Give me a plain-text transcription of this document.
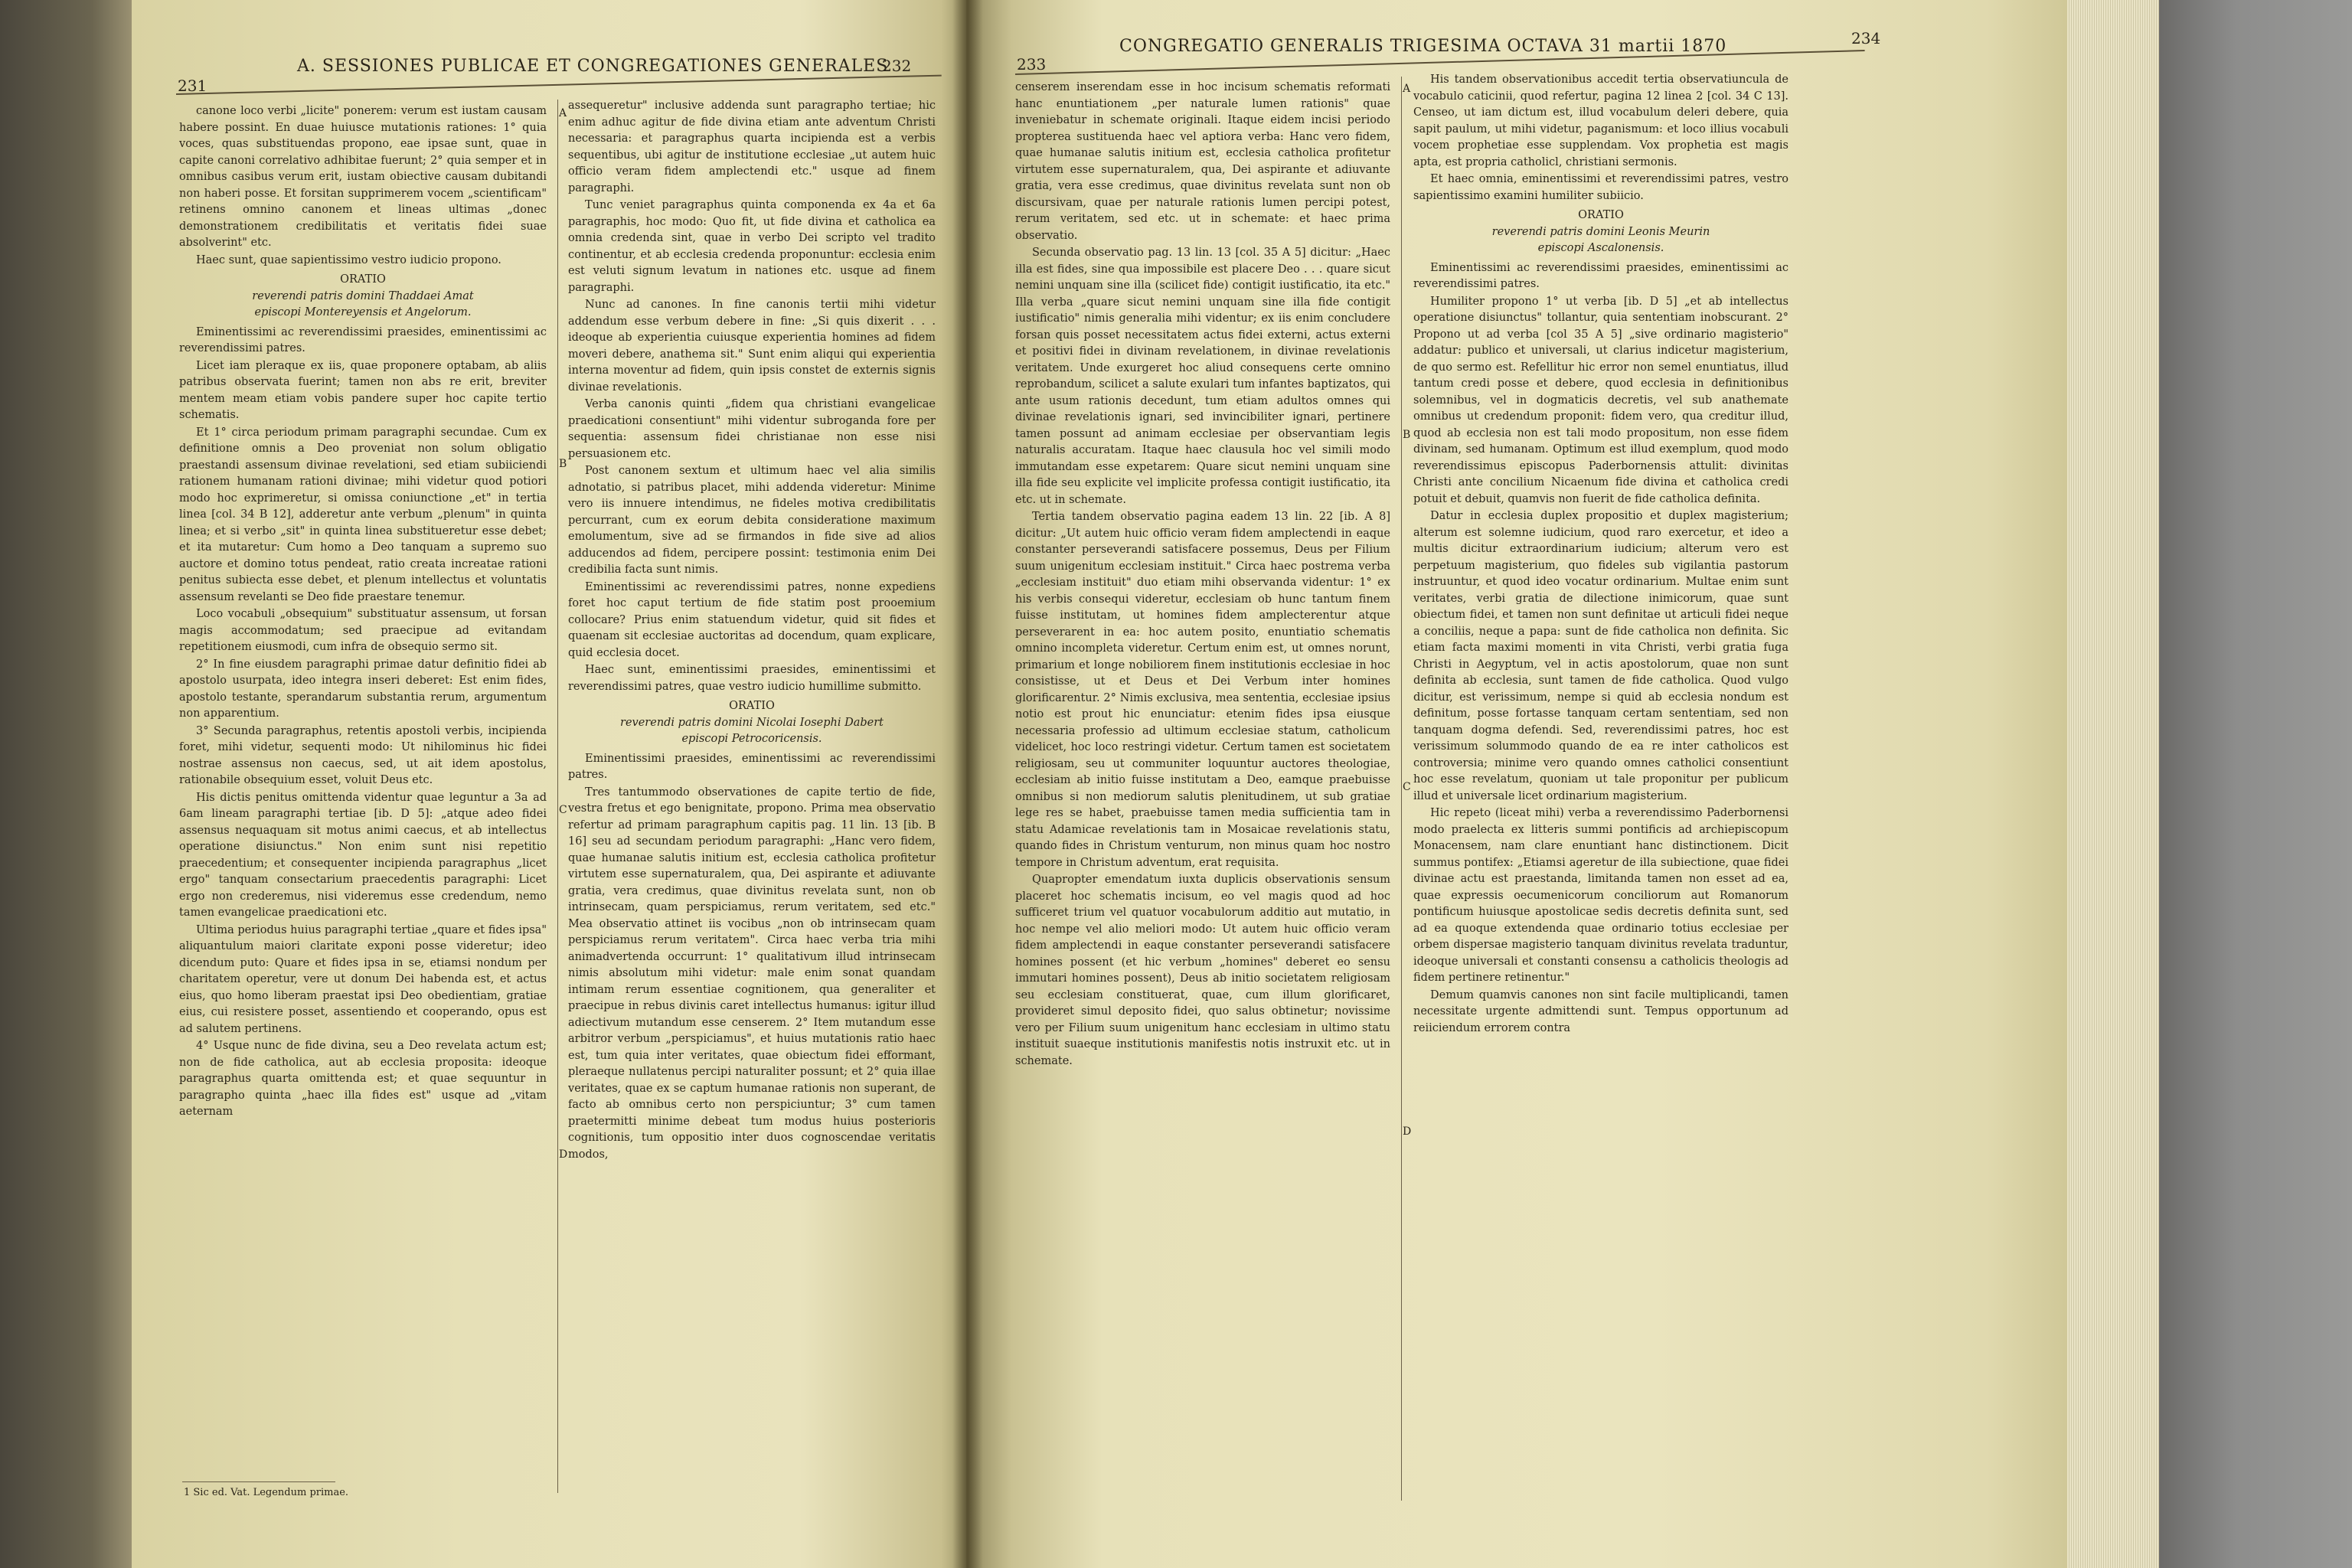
231
A. SESSIONES PUBLICAE ET CONGREGATIONES GENERALES
232

canone loco verbi „licite" ponerem: verum est iustam causam habere possint. En duae huiusce mutationis rationes: 1° quia voces, quas substituendas propono, eae ipsae sunt, quae in capite canoni correlativo adhibitae fuerunt; 2° quia semper et in omnibus casibus verum erit, iustam obiective causam dubitandi non haberi posse. Et forsitan supprimerem vocem „scientificam" retinens omnino canonem et lineas ultimas „donec demonstrationem credibilitatis et veritatis fidei suae absolverint" etc.

Haec sunt, quae sapientissimo vestro iudicio propono.

ORATIO
reverendi patris domini Thaddaei Amat
episcopi Montereyensis et Angelorum.

Eminentissimi ac reverendissimi praesides, eminentissimi ac reverendissimi patres.

Licet iam pleraque ex iis, quae proponere optabam, ab aliis patribus observata fuerint; tamen non abs re erit, breviter mentem meam etiam vobis pandere super hoc capite tertio schematis.

Et 1° circa periodum primam paragraphi secundae. Cum ex definitione omnis a Deo proveniat non solum obligatio praestandi assensum divinae revelationi, sed etiam subiiciendi rationem humanam rationi divinae; mihi videtur quod potiori modo hoc exprimeretur, si omissa coniunctione „et" in tertia linea [col. 34 B 12], adderetur ante verbum „plenum" in quinta linea; et si verbo „sit" in quinta linea substitueretur esse debet; et ita mutaretur: Cum homo a Deo tanquam a supremo suo auctore et domino totus pendeat, ratio creata increatae rationi penitus subiecta esse debet, et plenum intellectus et voluntatis assensum revelanti se Deo fide praestare tenemur.

Loco vocabuli „obsequium" substituatur assensum, ut forsan magis accommodatum; sed praecipue ad evitandam repetitionem eiusmodi, cum infra de obsequio sermo sit.

2° In fine eiusdem paragraphi primae datur definitio fidei ab apostolo usurpata, ideo integra inseri deberet: Est enim fides, apostolo testante, sperandarum substantia rerum, argumentum non apparentium.

3° Secunda paragraphus, retentis apostoli verbis, incipienda foret, mihi videtur, sequenti modo: Ut nihilominus hic fidei nostrae assensus non caecus, sed, ut ait idem apostolus, rationabile obsequium esset, voluit Deus etc.

His dictis penitus omittenda videntur quae leguntur a 3a ad 6am lineam paragraphi tertiae [ib. D 5]: „atque adeo fidei assensus nequaquam sit motus animi caecus, et ab intellectus operatione disiunctus." Non enim sunt nisi repetitio praecedentium; et consequenter incipienda paragraphus „licet ergo" tanquam consectarium praecedentis paragraphi: Licet ergo non crederemus, nisi videremus esse credendum, nemo tamen evangelicae praedicationi etc.

Ultima periodus huius paragraphi tertiae „quare et fides ipsa" aliquantulum maiori claritate exponi posse videretur; ideo dicendum puto: Quare et fides ipsa in se, etiamsi nondum per charitatem operetur, vere ut donum Dei habenda est, et actus eius, quo homo liberam praestat ipsi Deo obedientiam, gratiae eius, cui resistere posset, assentiendo et cooperando, opus est ad salutem pertinens.

4° Usque nunc de fide divina, seu a Deo revelata actum est; non de fide catholica, aut ab ecclesia proposita: ideoque paragraphus quarta omittenda est; et quae sequuntur in paragrapho quinta „haec illa fides est" usque ad „vitam aeternam

assequeretur" inclusive addenda sunt paragrapho tertiae; hic enim adhuc agitur de fide divina etiam ante adventum Christi necessaria: et paragraphus quarta incipienda est a verbis sequentibus, ubi agitur de institutione ecclesiae „ut autem huic officio veram fidem amplectendi etc." usque ad finem paragraphi.

Tunc veniet paragraphus quinta componenda ex 4a et 6a paragraphis, hoc modo: Quo fit, ut fide divina et catholica ea omnia credenda sint, quae in verbo Dei scripto vel tradito continentur, et ab ecclesia credenda proponuntur: ecclesia enim est veluti signum levatum in nationes etc. usque ad finem paragraphi.

Nunc ad canones. In fine canonis tertii mihi videtur addendum esse verbum debere in fine: „Si quis dixerit . . . ideoque ab experientia cuiusque experientia homines ad fidem moveri debere, anathema sit." Sunt enim aliqui qui experientia interna moventur ad fidem, quin ipsis constet de externis signis divinae revelationis.

Verba canonis quinti „fidem qua christiani evangelicae praedicationi consentiunt" mihi videntur subroganda fore per sequentia: assensum fidei christianae non esse nisi persuasionem etc.

Post canonem sextum et ultimum haec vel alia similis adnotatio, si patribus placet, mihi addenda videretur: Minime vero iis innuere intendimus, ne fideles motiva credibilitatis percurrant, cum ex eorum debita consideratione maximum emolumentum, sive ad se firmandos in fide sive ad alios adducendos ad fidem, percipere possint: testimonia enim Dei credibilia facta sunt nimis.

Eminentissimi ac reverendissimi patres, nonne expediens foret hoc caput tertium de fide statim post prooemium collocare? Prius enim statuendum videtur, quid sit fides et quaenam sit ecclesiae auctoritas ad docendum, quam explicare, quid ecclesia docet.

Haec sunt, eminentissimi praesides, eminentissimi et reverendissimi patres, quae vestro iudicio humillime submitto.

ORATIO
reverendi patris domini Nicolai Iosephi Dabert
episcopi Petrocoricensis.

Eminentissimi praesides, eminentissimi ac reverendissimi patres.

Tres tantummodo observationes de capite tertio de fide, vestra fretus et ego benignitate, propono. Prima mea observatio refertur ad primam paragraphum capitis pag. 11 lin. 13 [ib. B 16] seu ad secundam periodum paragraphi: „Hanc vero fidem, quae humanae salutis initium est, ecclesia catholica profitetur virtutem esse supernaturalem, qua, Dei aspirante et adiuvante gratia, vera credimus, quae divinitus revelata sunt, non ob intrinsecam, quam perspiciamus, rerum veritatem, sed etc." Mea observatio attinet iis vocibus „non ob intrinsecam quam perspiciamus rerum veritatem". Circa haec verba tria mihi animadvertenda occurrunt: 1° qualitativum illud intrinsecam nimis absolutum mihi videtur: male enim sonat quandam intimam rerum essentiae cognitionem, qua generaliter et praecipue in rebus divinis caret intellectus humanus: igitur illud adiectivum mutandum esse censerem. 2° Item mutandum esse arbitror verbum „perspiciamus", et huius mutationis ratio haec est, tum quia inter veritates, quae obiectum fidei efformant, pleraeque nullatenus percipi naturaliter possunt; et 2° quia illae veritates, quae ex se captum humanae rationis non superant, de facto ab omnibus certo non perspiciuntur; 3° cum tamen praetermitti minime debeat tum modus huius posterioris cognitionis, tum oppositio inter duos cognoscendae veritatis modos,

A
B
C
D
1 Sic ed. Vat. Legendum primae.
233
CONGREGATIO GENERALIS TRIGESIMA OCTAVA 31 martii 1870	234

censerem inserendam esse in hoc incisum schematis reformati hanc enuntiationem „per naturale lumen rationis" quae inveniebatur in schemate originali. Itaque eidem incisi periodo propterea sustituenda haec vel aptiora verba: Hanc vero fidem, quae humanae salutis initium est, ecclesia catholica profitetur virtutem esse supernaturalem, qua, Dei aspirante et adiuvante gratia, vera esse credimus, quae divinitus revelata sunt non ob discursivam, quae per naturale rationis lumen percipi potest, rerum veritatem, sed etc. ut in schemate: et haec prima observatio.

Secunda observatio pag. 13 lin. 13 [col. 35 A 5] dicitur: „Haec illa est fides, sine qua impossibile est placere Deo . . . quare sicut nemini unquam sine illa (scilicet fide) contigit iustificatio, ita etc." Illa verba „quare sicut nemini unquam sine illa fide contigit iustificatio" nimis generalia mihi videntur; ex iis enim concludere forsan quis posset necessitatem actus fidei externi, actus externi et positivi fidei in divinam revelationem, in divinae revelationis veritatem. Unde exurgeret hoc aliud consequens certe omnino reprobandum, scilicet a salute exulari tum infantes baptizatos, qui ante usum rationis decedunt, tum etiam adultos omnes qui divinae revelationis ignari, sed invincibiliter ignari, pertinere tamen possunt ad animam ecclesiae per observantiam legis naturalis accuratam. Itaque haec clausula hoc vel simili modo immutandam esse expetarem: Quare sicut nemini unquam sine illa fide seu explicite vel implicite professa contigit iustificatio, ita etc. ut in schemate.

Tertia tandem observatio pagina eadem 13 lin. 22 [ib. A 8] dicitur: „Ut autem huic officio veram fidem amplectendi in eaque constanter perseverandi satisfacere possemus, Deus per Filium suum unigenitum ecclesiam instituit." Circa haec postrema verba „ecclesiam instituit" duo etiam mihi observanda videntur: 1° ex his verbis consequi videretur, ecclesiam ob hunc tantum finem fuisse institutam, ut homines fidem amplecterentur atque perseverarent in ea: hoc autem posito, enuntiatio schematis omnino incompleta videretur. Certum enim est, ut omnes norunt, primarium et longe nobiliorem finem institutionis ecclesiae in hoc consistisse, ut et Deus et Dei Verbum inter homines glorificarentur. 2° Nimis exclusiva, mea sententia, ecclesiae ipsius notio est prout hic enunciatur: etenim fides ipsa eiusque necessaria professio ad ultimum ecclesiae statum, catholicum videlicet, hoc loco restringi videtur. Certum tamen est societatem religiosam, seu ut communiter loquuntur auctores theologiae, ecclesiam ab initio fuisse institutam a Deo, eamque praebuisse omnibus si non mediorum salutis plenitudinem, ut sub gratiae lege res se habet, praebuisse tamen media sufficientia tam in statu Adamicae revelationis tam in Mosaicae revelationis statu, quando fides in Christum venturum, non minus quam hoc nostro tempore in Christum adventum, erat requisita.

Quapropter emendatum iuxta duplicis observationis sensum placeret hoc schematis incisum, eo vel magis quod ad hoc sufficeret trium vel quatuor vocabulorum additio aut mutatio, in hoc nempe vel alio meliori modo: Ut autem huic officio veram fidem amplectendi in eaque constanter perseverandi satisfacere homines possent (et hic verbum „homines" deberet eo sensu immutari homines possent), Deus ab initio societatem religiosam seu ecclesiam constituerat, quae, cum illum glorificaret, provideret simul deposito fidei, quo salus obtinetur; novissime vero per Filium suum unigenitum hanc ecclesiam in ultimo statu instituit suaeque institutionis manifestis notis instruxit etc. ut in schemate.

His tandem observationibus accedit tertia observatiuncula de vocabulo caticinii, quod refertur, pagina 12 linea 2 [col. 34 C 13]. Censeo, ut iam dictum est, illud vocabulum deleri debere, quia sapit paulum, ut mihi videtur, paganismum: et loco illius vocabuli vocem prophetiae esse supplendam. Vox prophetia est magis apta, est propria catholicl, christiani sermonis.

Et haec omnia, eminentissimi et reverendissimi patres, vestro sapientissimo examini humiliter subiicio.

ORATIO
reverendi patris domini Leonis Meurin
episcopi Ascalonensis.

Eminentissimi ac reverendissimi praesides, eminentissimi ac reverendissimi patres.

Humiliter propono 1° ut verba [ib. D 5] „et ab intellectus operatione disiunctus" tollantur, quia sententiam inobscurant. 2° Propono ut ad verba [col 35 A 5] „sive ordinario magisterio" addatur: publico et universali, ut clarius indicetur magisterium, de quo sermo est. Refellitur hic error non semel enuntiatus, illud tantum credi posse et debere, quod ecclesia in definitionibus solemnibus, vel in dogmaticis decretis, vel sub anathemate omnibus ut credendum proponit: fidem vero, qua creditur illud, quod ab ecclesia non est tali modo propositum, non esse fidem divinam, sed humanam. Optimum est illud exemplum, quod modo reverendissimus episcopus Paderbornensis attulit: divinitas Christi ante concilium Nicaenum fide divina et catholica credi potuit et debuit, quamvis non fuerit de fide catholica definita.

Datur in ecclesia duplex propositio et duplex magisterium; alterum est solemne iudicium, quod raro exercetur, et ideo a multis dicitur extraordinarium iudicium; alterum vero est perpetuum magisterium, quo fideles sub vigilantia pastorum instruuntur, et quod ideo vocatur ordinarium. Multae enim sunt veritates, verbi gratia de dilectione inimicorum, quae sunt obiectum fidei, et tamen non sunt definitae ut articuli fidei neque a conciliis, neque a papa: sunt de fide catholica non definita. Sic etiam facta maximi momenti in vita Christi, verbi gratia fuga Christi in Aegyptum, vel in actis apostolorum, quae non sunt definita ab ecclesia, sunt tamen de fide catholica. Quod vulgo dicitur, est verissimum, nempe si quid ab ecclesia nondum est definitum, posse fortasse tanquam certam sententiam, sed non tanquam dogma defendi. Sed, reverendissimi patres, hoc est verissimum solummodo quando de ea re inter catholicos est controversia; minime vero quando omnes catholici consentiunt hoc esse revelatum, quoniam ut tale proponitur per publicum illud et universale licet ordinarium magisterium.

Hic repeto (liceat mihi) verba a reverendissimo Paderbornensi modo praelecta ex litteris summi pontificis ad archiepiscopum Monacensem, nam clare enuntiant hanc distinctionem. Dicit summus pontifex: „Etiamsi ageretur de illa subiectione, quae fidei divinae actu est praestanda, limitanda tamen non esset ad ea, quae expressis oecumenicorum conciliorum aut Romanorum pontificum huiusque apostolicae sedis decretis definita sunt, sed ad ea quoque extendenda quae ordinario totius ecclesiae per orbem dispersae magisterio tanquam divinitus revelata traduntur, ideoque universali et constanti consensu a catholicis theologis ad fidem pertinere retinentur."

Demum quamvis canones non sint facile multiplicandi, tamen necessitate urgente admittendi sunt. Tempus opportunum ad reiiciendum errorem contra

A
B
C
D
